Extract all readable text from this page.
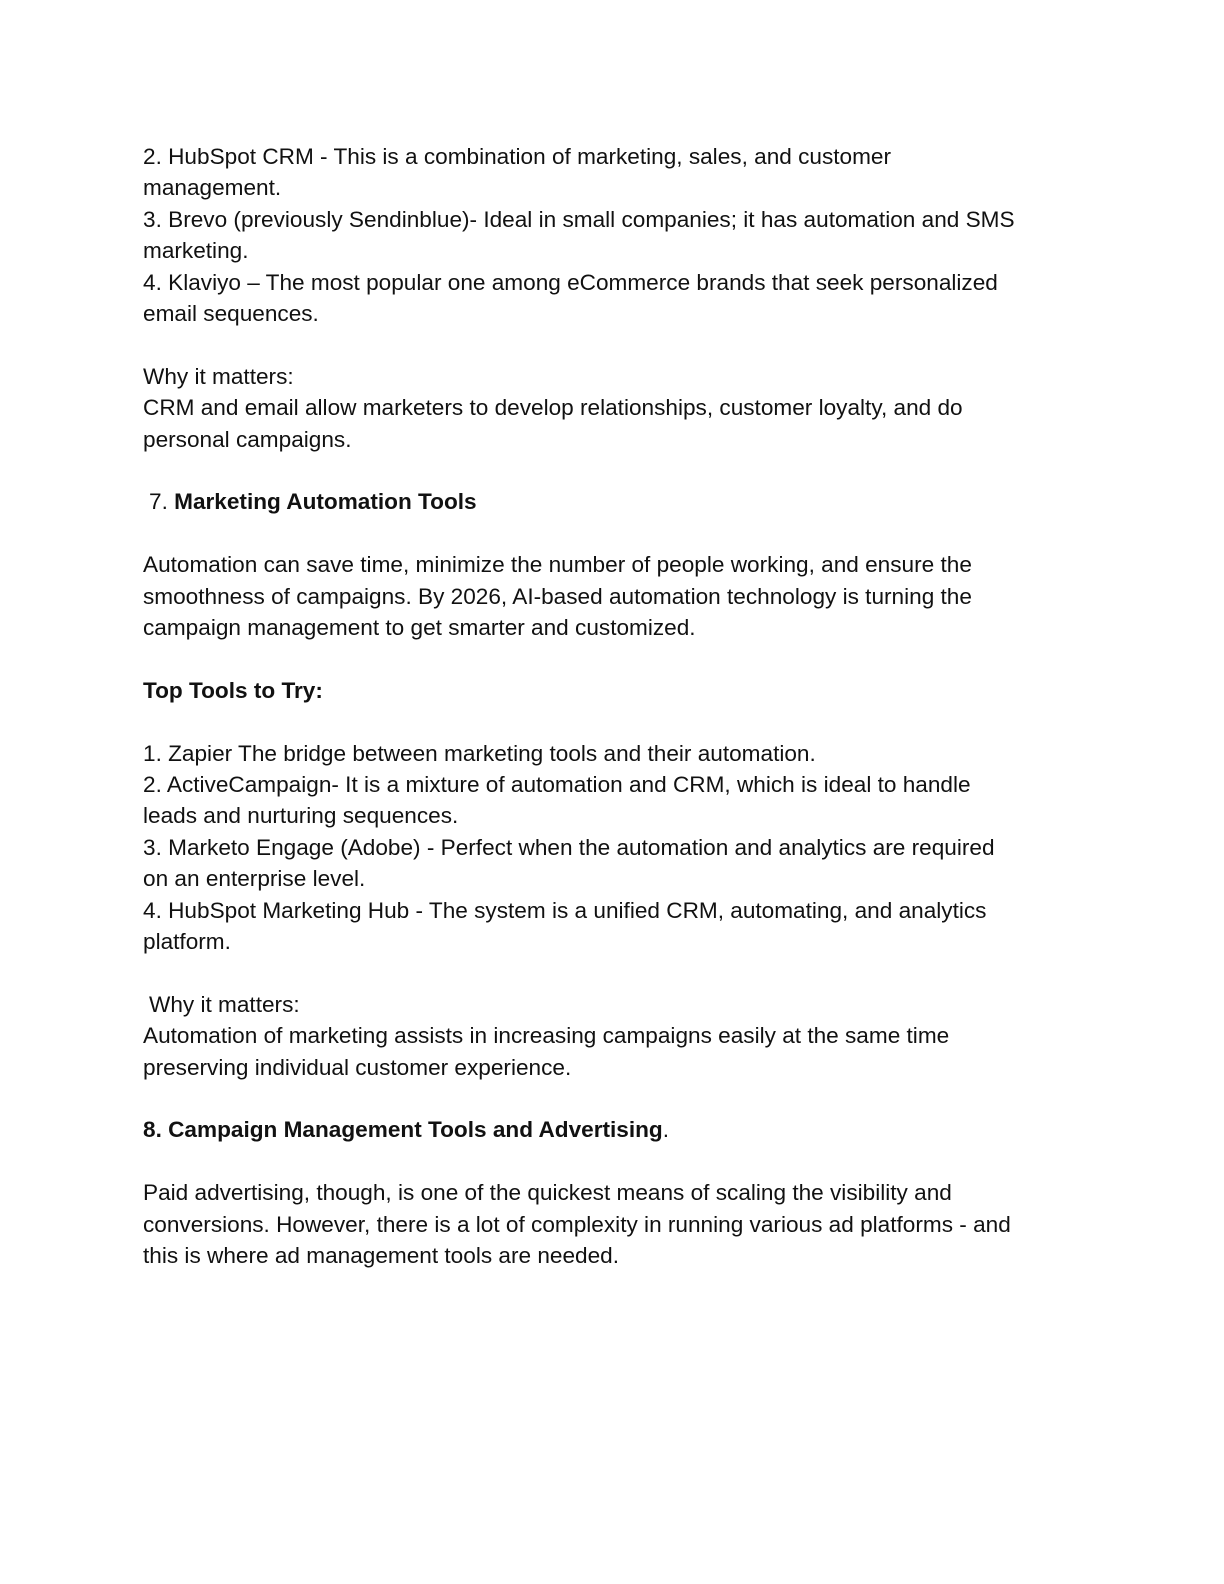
2. HubSpot CRM - This is a combination of marketing, sales, and customer
management.
3. Brevo (previously Sendinblue)- Ideal in small companies; it has automation and SMS
marketing.
4. Klaviyo – The most popular one among eCommerce brands that seek personalized
email sequences.
Why it matters:
CRM and email allow marketers to develop relationships, customer loyalty, and do
personal campaigns.
7. Marketing Automation Tools
Automation can save time, minimize the number of people working, and ensure the
smoothness of campaigns. By 2026, AI-based automation technology is turning the
campaign management to get smarter and customized.
Top Tools to Try:
1. Zapier The bridge between marketing tools and their automation.
2. ActiveCampaign- It is a mixture of automation and CRM, which is ideal to handle
leads and nurturing sequences.
3. Marketo Engage (Adobe) - Perfect when the automation and analytics are required
on an enterprise level.
4. HubSpot Marketing Hub - The system is a unified CRM, automating, and analytics
platform.
Why it matters:
Automation of marketing assists in increasing campaigns easily at the same time
preserving individual customer experience.
8. Campaign Management Tools and Advertising.
Paid advertising, though, is one of the quickest means of scaling the visibility and
conversions. However, there is a lot of complexity in running various ad platforms - and
this is where ad management tools are needed.
